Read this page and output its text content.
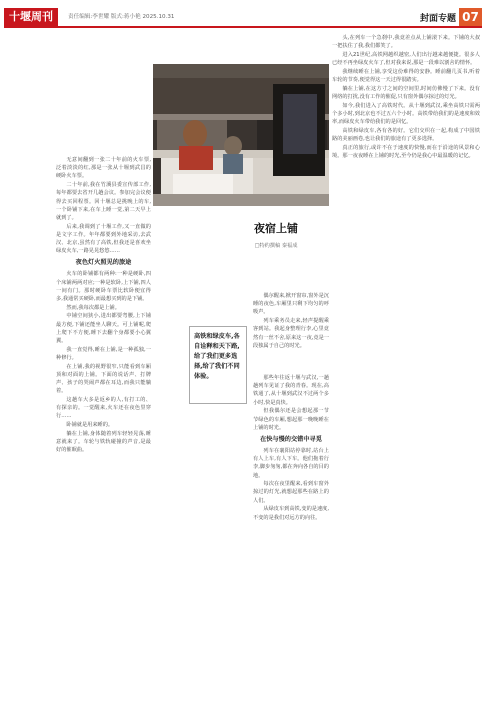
十堰周刊	责任编辑:李世耀 版式:蒋小艳 2025.10.31	封面专题 07

无意间翻到一张二十年前的火车票,泛着淡淡的红,那是一张从十堰到武昌的硬卧火车票。

二十年前,我在竹溪县委宣传部工作,每年都要去省开几趟会议。参加完会议便得去买回程票。回十堰总是挑晚上的车,一个卧铺下来,在车上睡一觉,第二天早上就到了。

后来,我调到了十堰工作,又一直做的是文字工作。年年都要到外地采访,去武汉、北京,虽然有了高铁,但我还是喜欢坐绿皮火车,一路晃晃悠悠……

夜色灯火照见的旅途

火车的卧铺都有两种:一种是硬卧,四个床铺两两对应;一种是软卧,上下铺,四人一间有门。那时硬卧车票比软卧便宜得多,我通常买硬卧,而最想买到的是下铺。

然而,我每次都是上铺。

中铺空间狭小,进出都要弯腰,上下铺最方便,下铺还能坐人聊天。可上铺呢,爬上爬下不方便,睡下去翻个身都要小心翼翼。

我一直觉得,睡在上铺,是一种孤独,一种修行。

在上铺,我的视野很窄,只能看到车厢顶和对面的上铺。下面的说话声、打牌声、孩子的哭闹声都在耳边,而我只能躺着。

这趟车大多是返乡的人,有打工的、有探亲的。一觉醒来,火车还在夜色里穿行……

卧铺就是用来睡的。

躺在上铺,身体随着列车轻轻晃荡,睡意就来了。车轮与铁轨碰撞的声音,是最好的催眠曲。

夜宿上铺
□特约撰稿 秦福成

偶尔醒来,掀开窗帘,窗外是沉睡的夜色,车厢里只剩下均匀的呼吸声。

列车乘务员走来,轻声提醒乘客到站。我起身整理行李,心里竟然有一丝不舍,原来这一夜,竟是一段独属于自己的时光。

高铁和绿皮车,各自诠释和天下路,给了我们更多选择,给了我们不同体验。	那些年往返十堰与武汉,一趟趟列车见证了我的青春。现在,高铁通了,从十堰到武汉不过两个多小时,快是真快。

但我偶尔还是会想起那一节节绿色的车厢,想起那一晚晚睡在上铺的时光。

在快与慢的交错中寻觅

列车在襄阳站停靠时,站台上有人上车,有人下车。他们拖着行李,脚步匆匆,都在奔向各自的目的地。

每次在夜里醒来,看到车窗外掠过的灯光,就想起那些在路上的人们。

从绿皮车到高铁,变的是速度,不变的是我们对远方的向往。

头,在列车一个急刹中,我竟差点从上铺滚下来。下铺的大叔一把扶住了我,我们都笑了。

进入21世纪,高铁网越织越密,人们出行越来越便捷。很多人已经不再坐绿皮火车了,但对我来说,那是一段难以割舍的情怀。

我继续睡在上铺,享受这份难得的安静。睡前翻几页书,听着车轮的节奏,便觉得这一天过得很踏实。

躺在上铺,在这方寸之间的空间里,时间仿佛慢了下来。没有网络的打扰,没有工作的催促,只有窗外偶尔掠过的灯光。

如今,我们进入了高铁时代。从十堰到武汉,乘坐高铁只需两个多小时,到北京也不过五六个小时。高铁带给我们的是速度和效率,而绿皮火车带给我们的是回忆。

高铁和绿皮车,各有各的好。它们交织在一起,构成了中国铁路的美丽画卷,也让我们的旅途有了更多选择。

真正的旅行,或许不在于速度的快慢,而在于沿途的风景和心境。那一夜夜睡在上铺的时光,至今仍是我心中最温暖的记忆。
